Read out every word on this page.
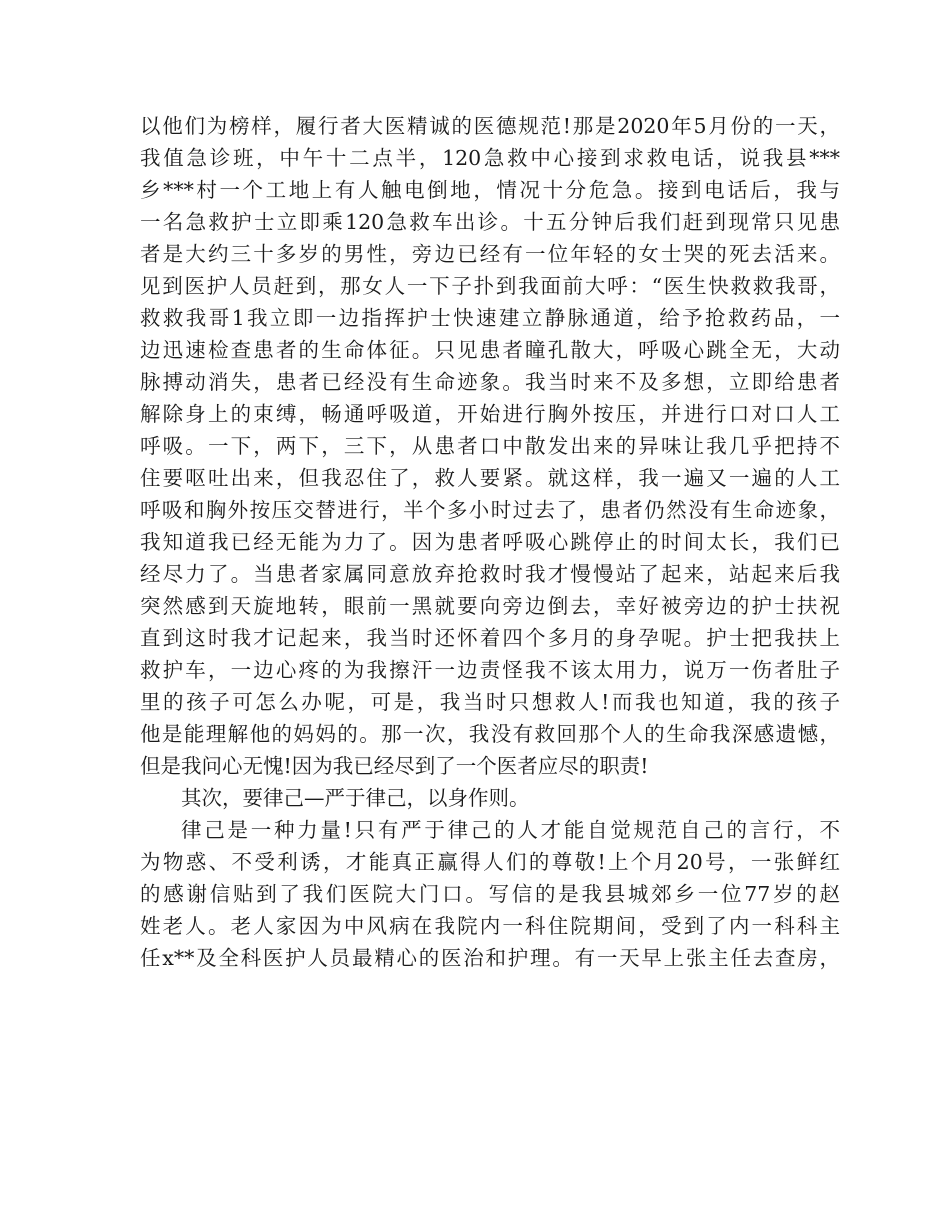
以他们为榜样，履行者大医精诚的医德规范!那是2020年5月份的一天，
我值急诊班，中午十二点半，120急救中心接到求救电话，说我县***
乡***村一个工地上有人触电倒地，情况十分危急。接到电话后，我与
一名急救护士立即乘120急救车出诊。十五分钟后我们赶到现常只见患
者是大约三十多岁的男性，旁边已经有一位年轻的女士哭的死去活来。
见到医护人员赶到，那女人一下子扑到我面前大呼：“医生快救救我哥，
救救我哥1我立即一边指挥护士快速建立静脉通道，给予抢救药品，一
边迅速检查患者的生命体征。只见患者瞳孔散大，呼吸心跳全无，大动
脉搏动消失，患者已经没有生命迹象。我当时来不及多想，立即给患者
解除身上的束缚，畅通呼吸道，开始进行胸外按压，并进行口对口人工
呼吸。一下，两下，三下，从患者口中散发出来的异味让我几乎把持不
住要呕吐出来，但我忍住了，救人要紧。就这样，我一遍又一遍的人工
呼吸和胸外按压交替进行，半个多小时过去了，患者仍然没有生命迹象，
我知道我已经无能为力了。因为患者呼吸心跳停止的时间太长，我们已
经尽力了。当患者家属同意放弃抢救时我才慢慢站了起来，站起来后我
突然感到天旋地转，眼前一黑就要向旁边倒去，幸好被旁边的护士扶祝
直到这时我才记起来，我当时还怀着四个多月的身孕呢。护士把我扶上
救护车，一边心疼的为我擦汗一边责怪我不该太用力，说万一伤者肚子
里的孩子可怎么办呢，可是，我当时只想救人!而我也知道，我的孩子
他是能理解他的妈妈的。那一次，我没有救回那个人的生命我深感遗憾，
但是我问心无愧!因为我已经尽到了一个医者应尽的职责!
其次，要律己—严于律己，以身作则。
律己是一种力量!只有严于律己的人才能自觉规范自己的言行，不
为物惑、不受利诱，才能真正赢得人们的尊敬!上个月20号，一张鲜红
的感谢信贴到了我们医院大门口。写信的是我县城郊乡一位77岁的赵
姓老人。老人家因为中风病在我院内一科住院期间，受到了内一科科主
任x**及全科医护人员最精心的医治和护理。有一天早上张主任去查房，
